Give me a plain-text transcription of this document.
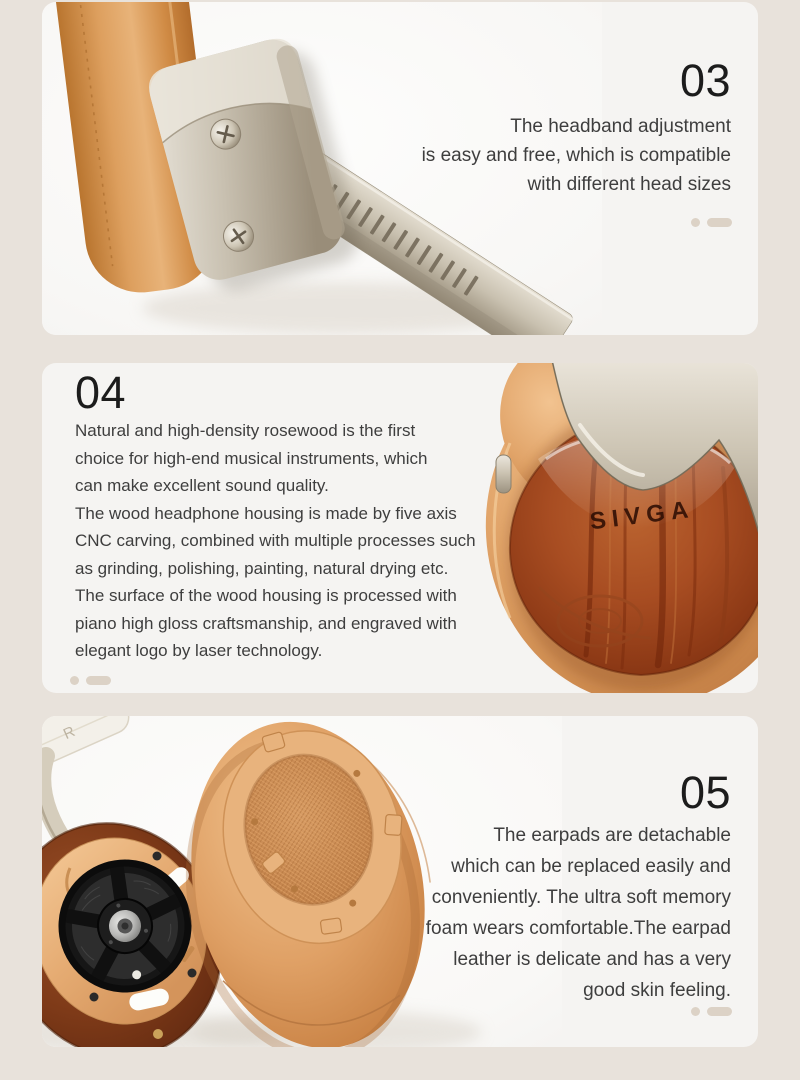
03
The headband adjustment
is easy and free, which is compatible
with different head sizes
SIVGA
04
Natural and high-density rosewood is the first
choice for high-end musical instruments, which
can make excellent sound quality.
The wood headphone housing is made by five axis
CNC carving, combined with multiple processes such
as grinding, polishing, painting, natural drying etc.
The surface of the wood housing is processed with
piano high gloss craftsmanship, and engraved with
elegant logo by laser technology.
R
05
The earpads are detachable
which can be replaced easily and
conveniently. The ultra soft memory
foam wears comfortable.The earpad
leather is delicate and has a very
good skin feeling.
